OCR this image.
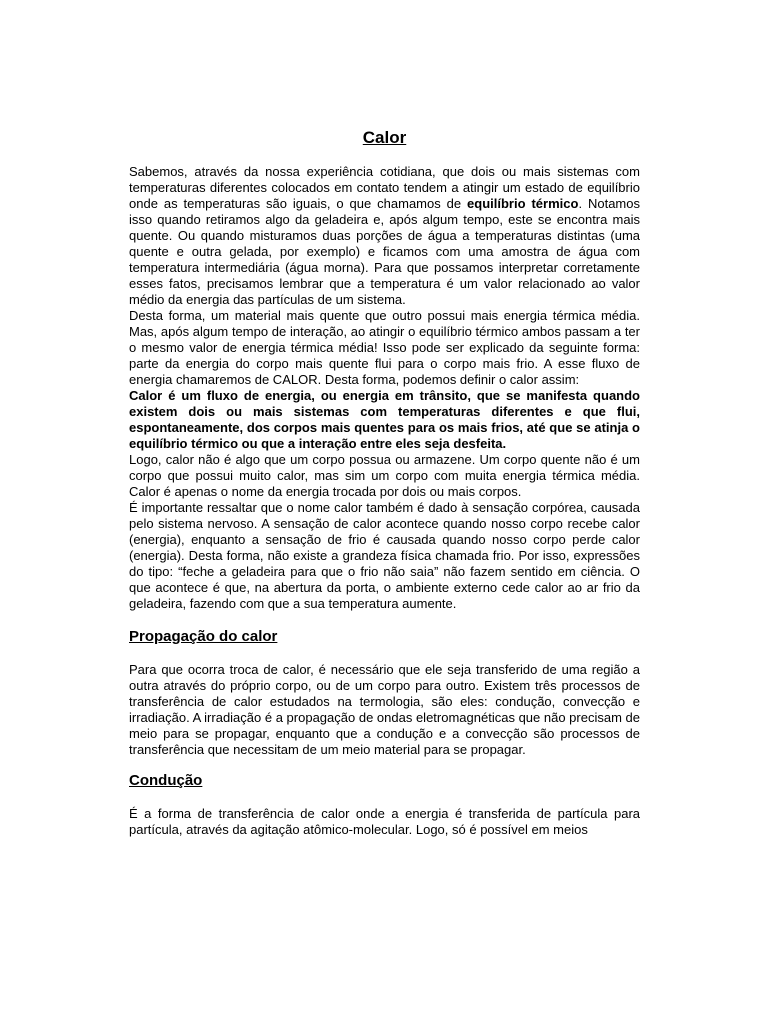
Calor

Sabemos, através da nossa experiência cotidiana, que dois ou mais sistemas com temperaturas diferentes colocados em contato tendem a atingir um estado de equilíbrio onde as temperaturas são iguais, o que chamamos de equilíbrio térmico. Notamos isso quando retiramos algo da geladeira e, após algum tempo, este se encontra mais quente. Ou quando misturamos duas porções de água a temperaturas distintas (uma quente e outra gelada, por exemplo) e ficamos com uma amostra de água com temperatura intermediária (água morna). Para que possamos interpretar corretamente esses fatos, precisamos lembrar que a temperatura é um valor relacionado ao valor médio da energia das partículas de um sistema.

Desta forma, um material mais quente que outro possui mais energia térmica média. Mas, após algum tempo de interação, ao atingir o equilíbrio térmico ambos passam a ter o mesmo valor de energia térmica média! Isso pode ser explicado da seguinte forma: parte da energia do corpo mais quente flui para o corpo mais frio. A esse fluxo de energia chamaremos de CALOR. Desta forma, podemos definir o calor assim:

Calor é um fluxo de energia, ou energia em trânsito, que se manifesta quando existem dois ou mais sistemas com temperaturas diferentes e que flui, espontaneamente, dos corpos mais quentes para os mais frios, até que se atinja o equilíbrio térmico ou que a interação entre eles seja desfeita.

Logo, calor não é algo que um corpo possua ou armazene. Um corpo quente não é um corpo que possui muito calor, mas sim um corpo com muita energia térmica média. Calor é apenas o nome da energia trocada por dois ou mais corpos.

É importante ressaltar que o nome calor também é dado à sensação corpórea, causada pelo sistema nervoso. A sensação de calor acontece quando nosso corpo recebe calor (energia), enquanto a sensação de frio é causada quando nosso corpo perde calor (energia). Desta forma, não existe a grandeza física chamada frio. Por isso, expressões do tipo: “feche a geladeira para que o frio não saia” não fazem sentido em ciência. O que acontece é que, na abertura da porta, o ambiente externo cede calor ao ar frio da geladeira, fazendo com que a sua temperatura aumente.

Propagação do calor

Para que ocorra troca de calor, é necessário que ele seja transferido de uma região a outra através do próprio corpo, ou de um corpo para outro. Existem três processos de transferência de calor estudados na termologia, são eles: condução, convecção e irradiação. A irradiação é a propagação de ondas eletromagnéticas que não precisam de meio para se propagar, enquanto que a condução e a convecção são processos de transferência que necessitam de um meio material para se propagar.

Condução

É a forma de transferência de calor onde a energia é transferida de partícula para partícula, através da agitação atômico-molecular. Logo, só é possível em meios
